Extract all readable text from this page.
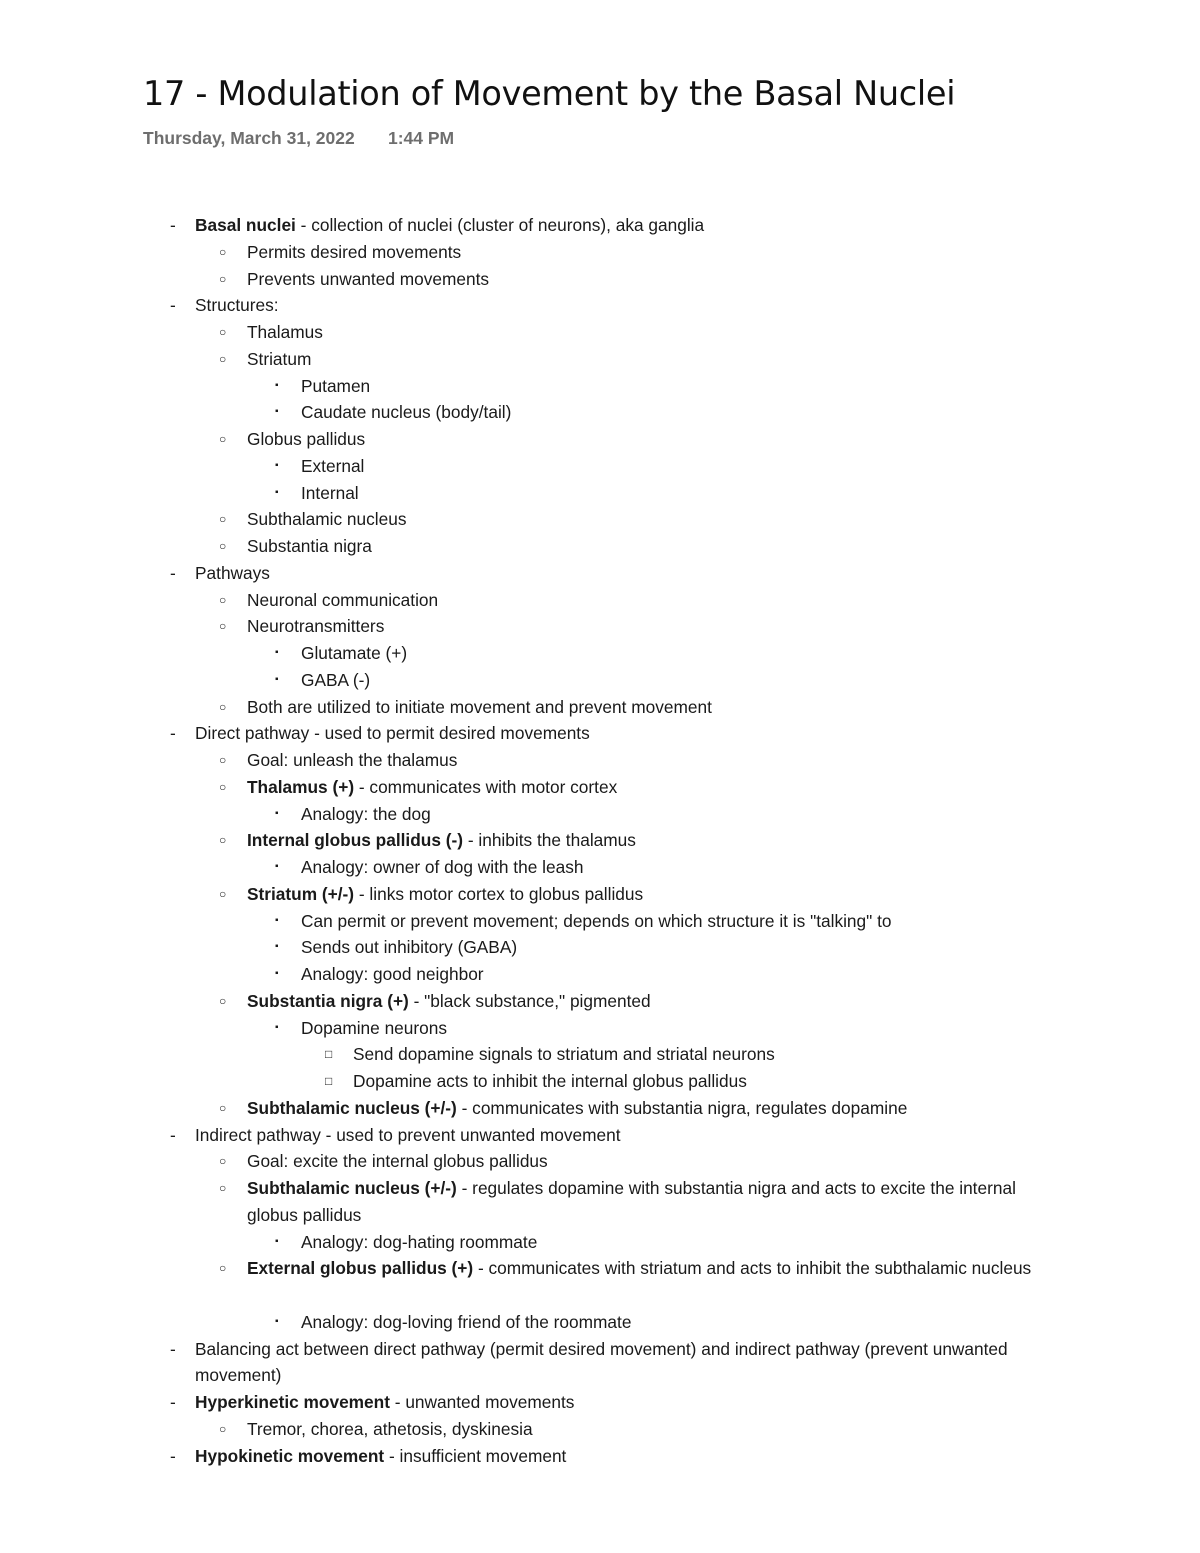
17 - Modulation of Movement by the Basal Nuclei
Thursday, March 31, 2022 1:44 PM
- Basal nuclei - collection of nuclei (cluster of neurons), aka ganglia
○ Permits desired movements
○ Prevents unwanted movements
- Structures:
○ Thalamus
○ Striatum
▪ Putamen
▪ Caudate nucleus (body/tail)
○ Globus pallidus
▪ External
▪ Internal
○ Subthalamic nucleus
○ Substantia nigra
- Pathways
○ Neuronal communication
○ Neurotransmitters
▪ Glutamate (+)
▪ GABA (-)
○ Both are utilized to initiate movement and prevent movement
- Direct pathway - used to permit desired movements
○ Goal: unleash the thalamus
○ Thalamus (+) - communicates with motor cortex
▪ Analogy: the dog
○ Internal globus pallidus (-) - inhibits the thalamus
▪ Analogy: owner of dog with the leash
○ Striatum (+/-) - links motor cortex to globus pallidus
▪ Can permit or prevent movement; depends on which structure it is "talking" to
▪ Sends out inhibitory (GABA)
▪ Analogy: good neighbor
○ Substantia nigra (+) - "black substance," pigmented
▪ Dopamine neurons
□ Send dopamine signals to striatum and striatal neurons
□ Dopamine acts to inhibit the internal globus pallidus
○ Subthalamic nucleus (+/-) - communicates with substantia nigra, regulates dopamine
- Indirect pathway - used to prevent unwanted movement
○ Goal: excite the internal globus pallidus
○ Subthalamic nucleus (+/-) - regulates dopamine with substantia nigra and acts to excite the internal globus pallidus
▪ Analogy: dog-hating roommate
○ External globus pallidus (+) - communicates with striatum and acts to inhibit the subthalamic nucleus
▪ Analogy: dog-loving friend of the roommate
- Balancing act between direct pathway (permit desired movement) and indirect pathway (prevent unwanted movement)
- Hyperkinetic movement - unwanted movements
○ Tremor, chorea, athetosis, dyskinesia
- Hypokinetic movement - insufficient movement
